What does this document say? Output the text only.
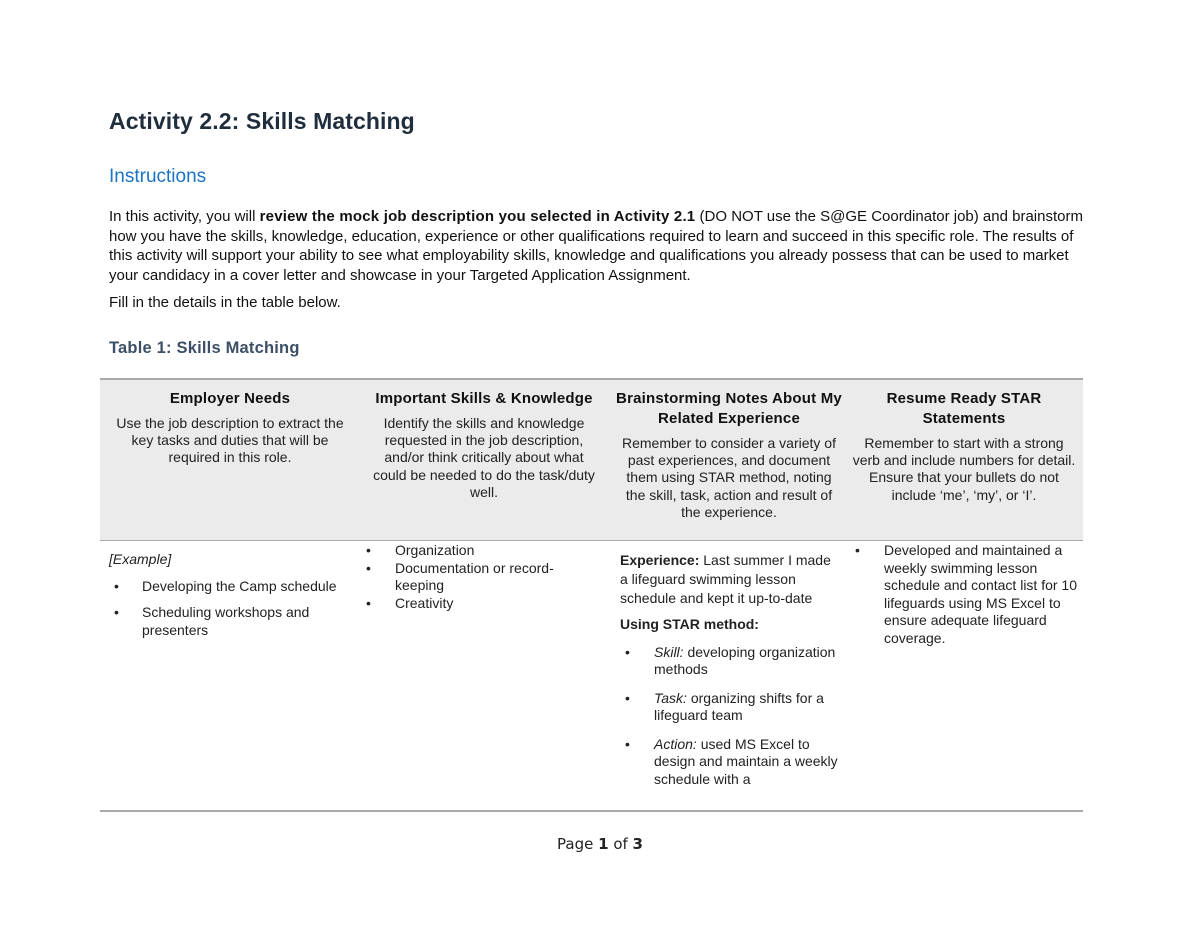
Activity 2.2: Skills Matching
Instructions

In this activity, you will review the mock job description you selected in Activity 2.1 (DO NOT use the S@GE Coordinator job) and brainstorm how you have the skills, knowledge, education, experience or other qualifications required to learn and succeed in this specific role. The results of this activity will support your ability to see what employability skills, knowledge and qualifications you already possess that can be used to market your candidacy in a cover letter and showcase in your Targeted Application Assignment.

Fill in the details in the table below.

Table 1: Skills Matching
Employer Needs
Use the job description to extract the key tasks and duties that will be required in this role.
Important Skills & Knowledge
Identify the skills and knowledge requested in the job description, and/or think critically about what could be needed to do the task/duty well.
Brainstorming Notes About My Related Experience
Remember to consider a variety of past experiences, and document them using STAR method, noting the skill, task, action and result of the experience.
Resume Ready STAR Statements
Remember to start with a strong verb and include numbers for detail. Ensure that your bullets do not include ‘me’, ‘my’, or ‘I’.
[Example]
• Developing the Camp schedule
• Scheduling workshops and presenters
• Organization
• Documentation or record-keeping
• Creativity
Experience: Last summer I made a lifeguard swimming lesson schedule and kept it up-to-date
Using STAR method:
• Skill: developing organization methods
• Task: organizing shifts for a lifeguard team
• Action: used MS Excel to design and maintain a weekly schedule with a
• Developed and maintained a weekly swimming lesson schedule and contact list for 10 lifeguards using MS Excel to ensure adequate lifeguard coverage.
Page 1 of 3
